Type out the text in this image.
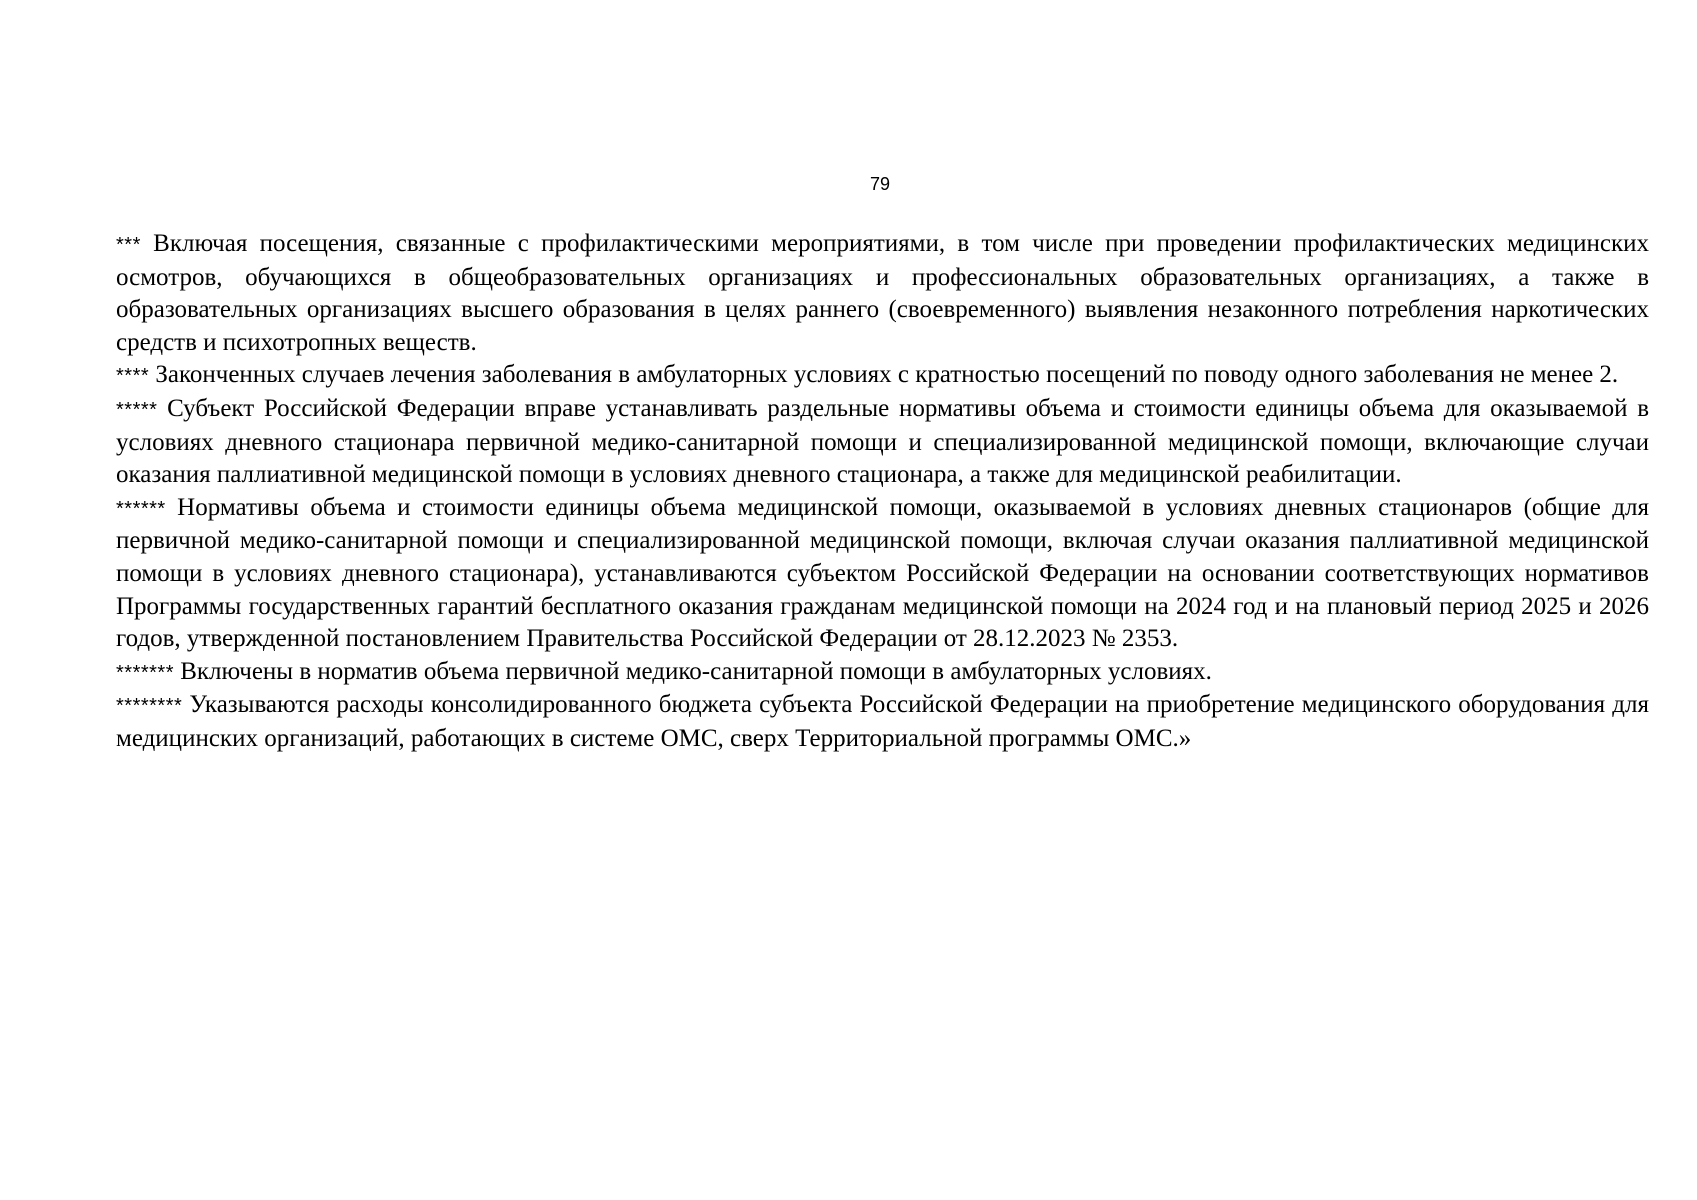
79

*** Включая посещения, связанные с профилактическими мероприятиями, в том числе при проведении профилактических медицинских осмотров, обучающихся в общеобразовательных организациях и профессиональных образовательных организациях, а также в образовательных организациях высшего образования в целях раннего (своевременного) выявления незаконного потребления наркотических средств и психотропных веществ.

**** Законченных случаев лечения заболевания в амбулаторных условиях с кратностью посещений по поводу одного заболевания не менее 2.

***** Субъект Российской Федерации вправе устанавливать раздельные нормативы объема и стоимости единицы объема для оказываемой в условиях дневного стационара первичной медико-санитарной помощи и специализированной медицинской помощи, включающие случаи оказания паллиативной медицинской помощи в условиях дневного стационара, а также для медицинской реабилитации.

****** Нормативы объема и стоимости единицы объема медицинской помощи, оказываемой в условиях дневных стационаров (общие для первичной медико-санитарной помощи и специализированной медицинской помощи, включая случаи оказания паллиативной медицинской помощи в условиях дневного стационара), устанавливаются субъектом Российской Федерации на основании соответствующих нормативов Программы государственных гарантий бесплатного оказания гражданам медицинской помощи на 2024 год и на плановый период 2025 и 2026 годов, утвержденной постановлением Правительства Российской Федерации от 28.12.2023 № 2353.

******* Включены в норматив объема первичной медико-санитарной помощи в амбулаторных условиях.

******** Указываются расходы консолидированного бюджета субъекта Российской Федерации на приобретение медицинского оборудования для медицинских организаций, работающих в системе ОМС, сверх Территориальной программы ОМС.»
